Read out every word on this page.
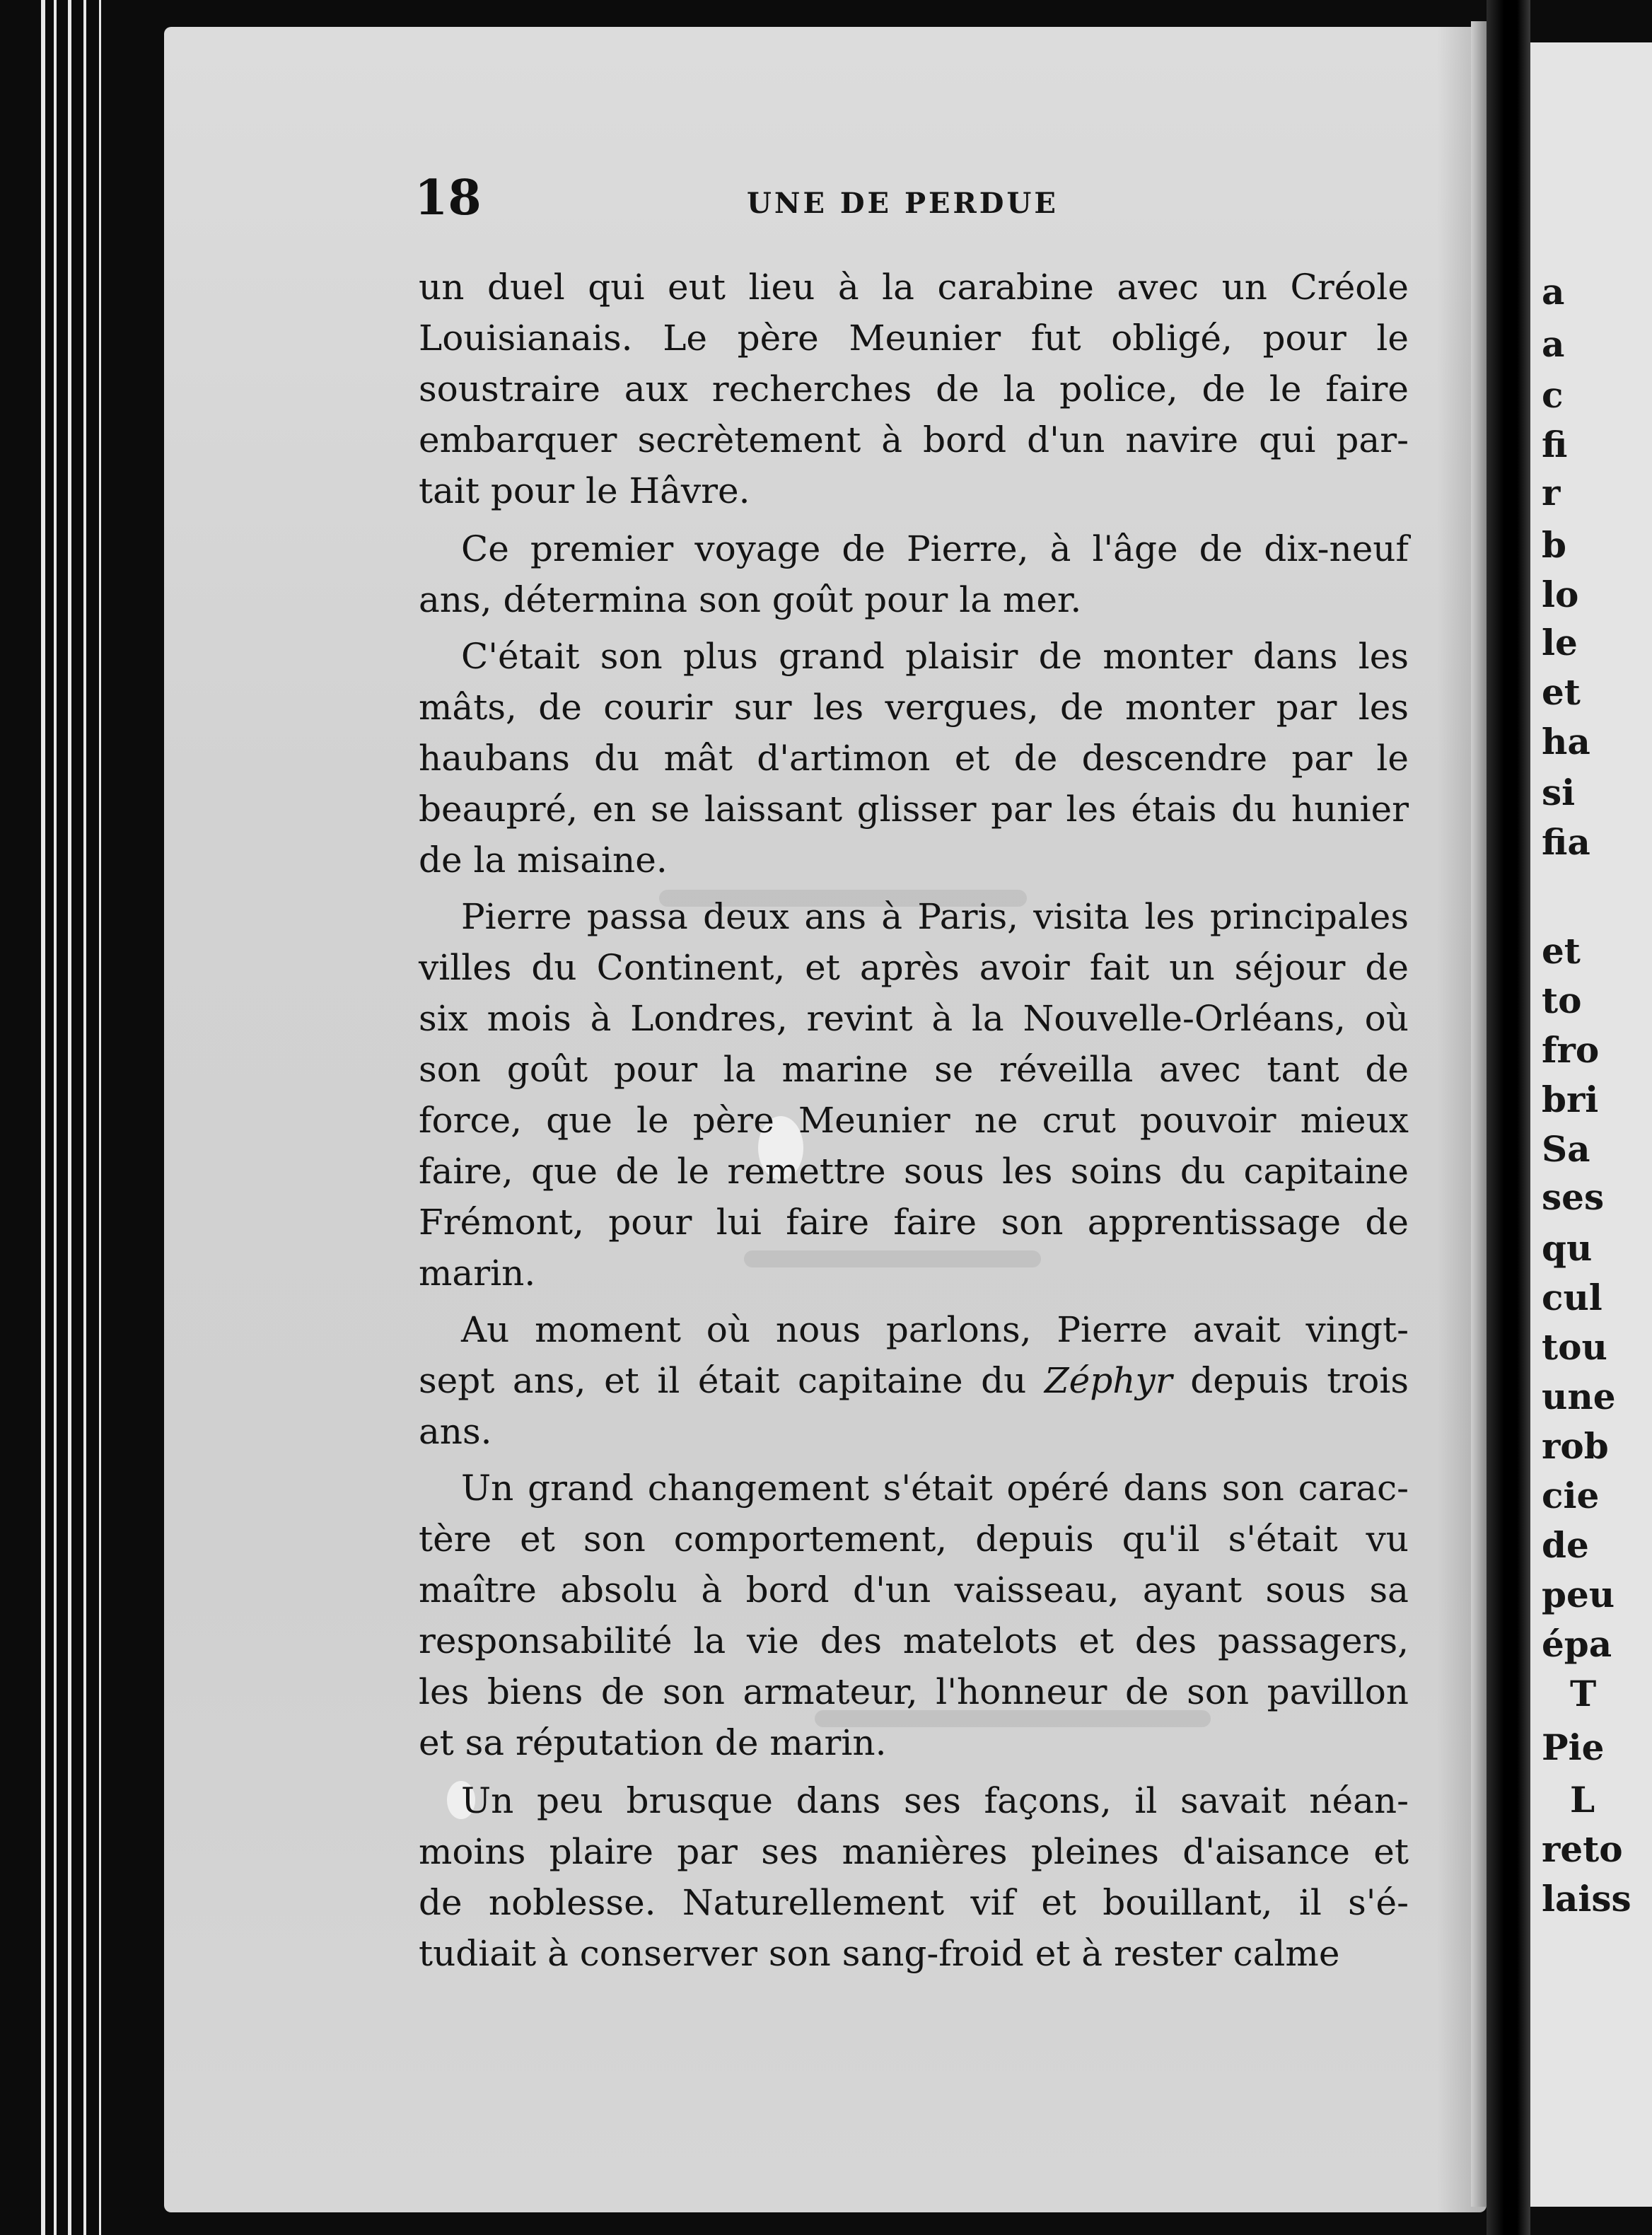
18	UNE DE PERDUE
un duel qui eut lieu à la carabine avec un Créole
Louisianais. Le père Meunier fut obligé, pour le
soustraire aux recherches de la police, de le faire
embarquer secrètement à bord d'un navire qui par-
tait pour le Hâvre.
Ce premier voyage de Pierre, à l'âge de dix-neuf
ans, détermina son goût pour la mer.
C'était son plus grand plaisir de monter dans les
mâts, de courir sur les vergues, de monter par les
haubans du mât d'artimon et de descendre par le
beaupré, en se laissant glisser par les étais du hunier
de la misaine.
Pierre passa deux ans à Paris, visita les principales
villes du Continent, et après avoir fait un séjour de
six mois à Londres, revint à la Nouvelle-Orléans, où
son goût pour la marine se réveilla avec tant de
force, que le père Meunier ne crut pouvoir mieux
faire, que de le remettre sous les soins du capitaine
Frémont, pour lui faire faire son apprentissage de
marin.
Au moment où nous parlons, Pierre avait vingt-
sept ans, et il était capitaine du Zéphyr depuis trois
ans.
Un grand changement s'était opéré dans son carac-
tère et son comportement, depuis qu'il s'était vu
maître absolu à bord d'un vaisseau, ayant sous sa
responsabilité la vie des matelots et des passagers,
les biens de son armateur, l'honneur de son pavillon
et sa réputation de marin.
Un peu brusque dans ses façons, il savait néan-
moins plaire par ses manières pleines d'aisance et
de noblesse. Naturellement vif et bouillant, il s'é-
tudiait à conserver son sang-froid et à rester calme
a
a
c
fi
r
b
lo
le
et
ha
si
fia
et
to
fro
bri
Sa
ses
qu
cul
tou
une
rob
cie
de
peu
épa
T
Pie
L
reto
laiss
